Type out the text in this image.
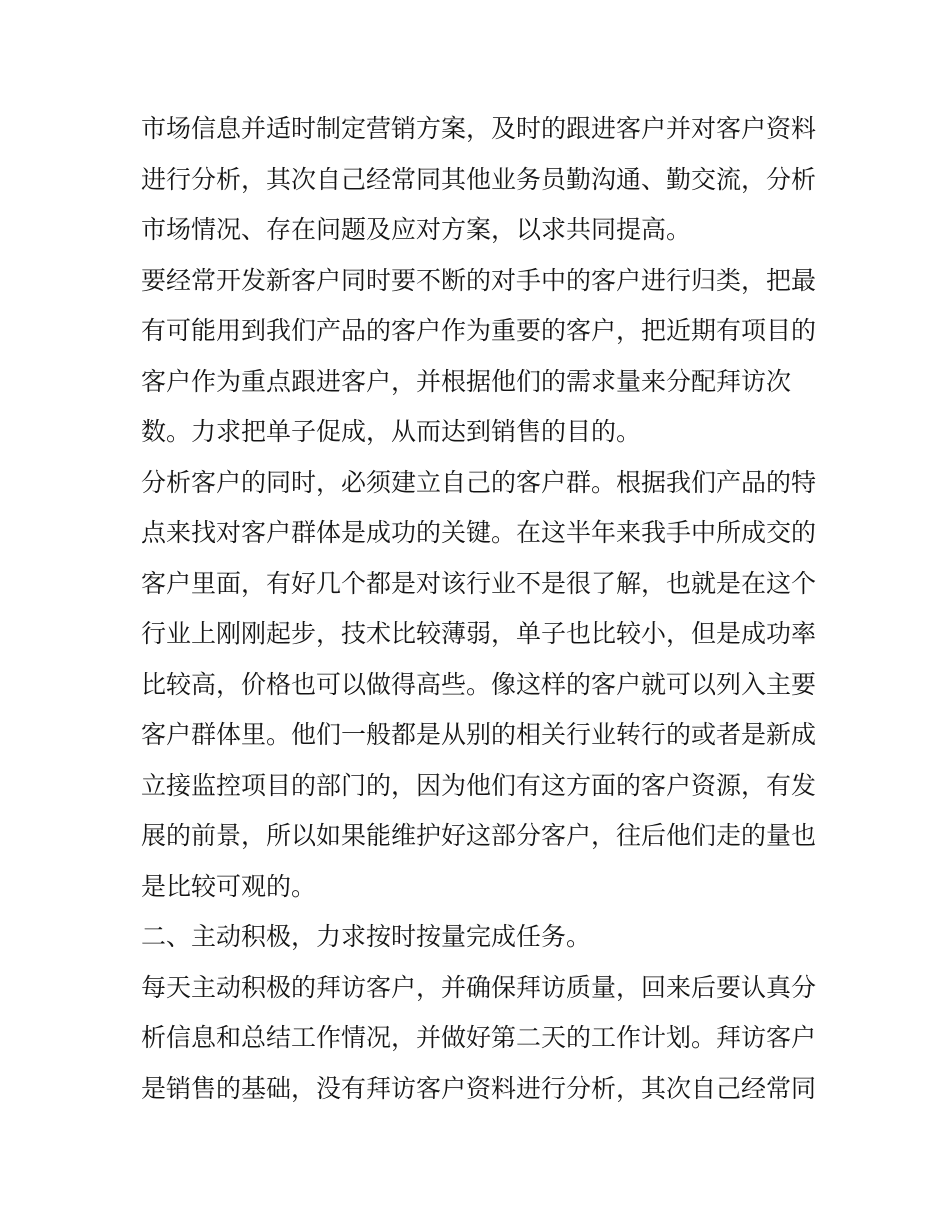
市场信息并适时制定营销方案，及时的跟进客户并对客户资料
进行分析，其次自己经常同其他业务员勤沟通、勤交流，分析
市场情况、存在问题及应对方案，以求共同提高。
要经常开发新客户同时要不断的对手中的客户进行归类，把最
有可能用到我们产品的客户作为重要的客户，把近期有项目的
客户作为重点跟进客户，并根据他们的需求量来分配拜访次
数。力求把单子促成，从而达到销售的目的。
分析客户的同时，必须建立自己的客户群。根据我们产品的特
点来找对客户群体是成功的关键。在这半年来我手中所成交的
客户里面，有好几个都是对该行业不是很了解，也就是在这个
行业上刚刚起步，技术比较薄弱，单子也比较小，但是成功率
比较高，价格也可以做得高些。像这样的客户就可以列入主要
客户群体里。他们一般都是从别的相关行业转行的或者是新成
立接监控项目的部门的，因为他们有这方面的客户资源，有发
展的前景，所以如果能维护好这部分客户，往后他们走的量也
是比较可观的。
二、主动积极，力求按时按量完成任务。
每天主动积极的拜访客户，并确保拜访质量，回来后要认真分
析信息和总结工作情况，并做好第二天的工作计划。拜访客户
是销售的基础，没有拜访客户资料进行分析，其次自己经常同
